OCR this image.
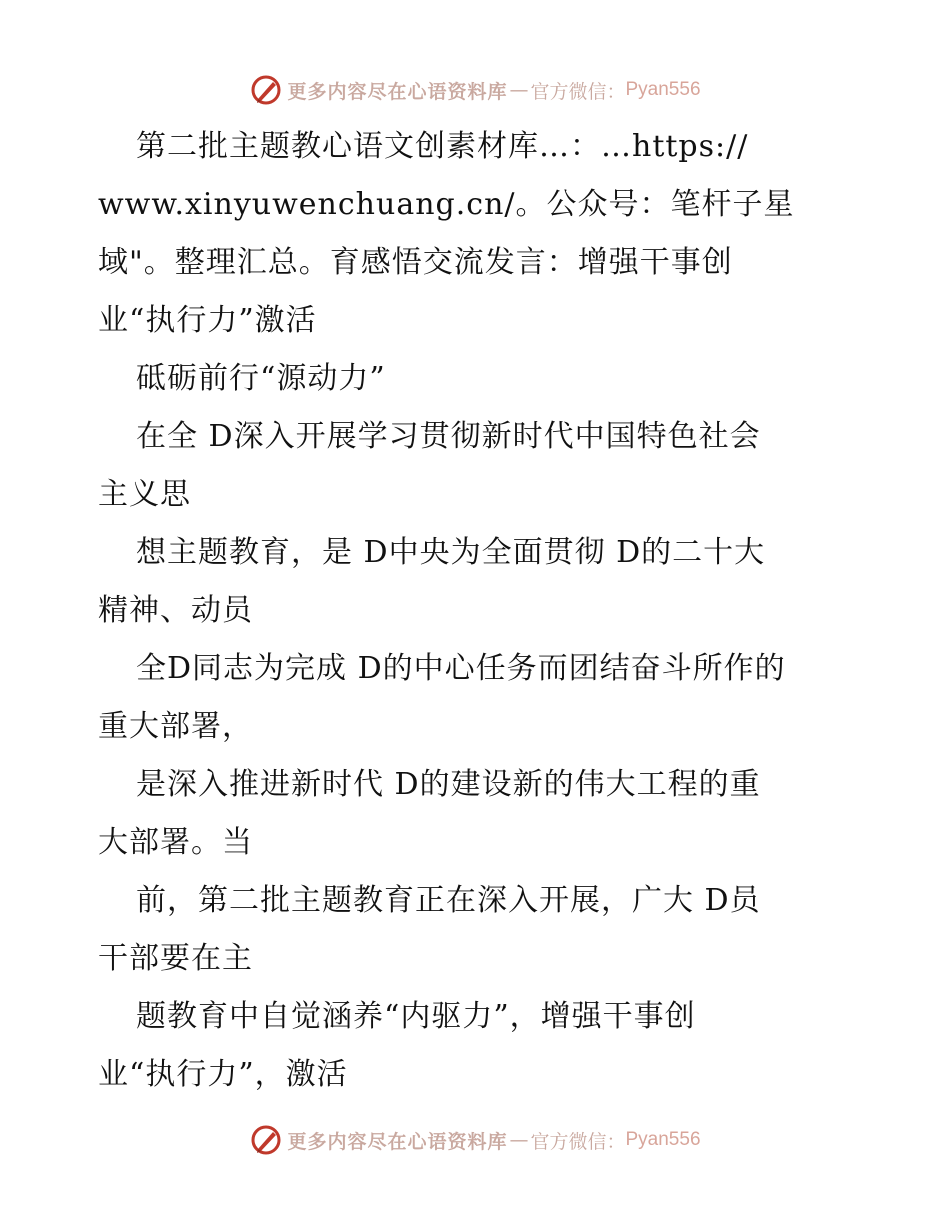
更多内容尽在心语资料库 — 官方微信： Pyan556
第二批主题教心语文创素材库…：…https://
www.xinyuwenchuang.cn/。公众号：笔杆子星
域"。整理汇总。育感悟交流发言：增强干事创
业“执行力”激活
砥砺前行“源动力”
在全 D深入开展学习贯彻新时代中国特色社会
主义思
想主题教育，是 D中央为全面贯彻 D的二十大
精神、动员
全D同志为完成 D的中心任务而团结奋斗所作的
重大部署，
是深入推进新时代 D的建设新的伟大工程的重
大部署。当
前，第二批主题教育正在深入开展，广大 D员
干部要在主
题教育中自觉涵养“内驱力”，增强干事创
业“执行力”，激活
更多内容尽在心语资料库 — 官方微信： Pyan556
